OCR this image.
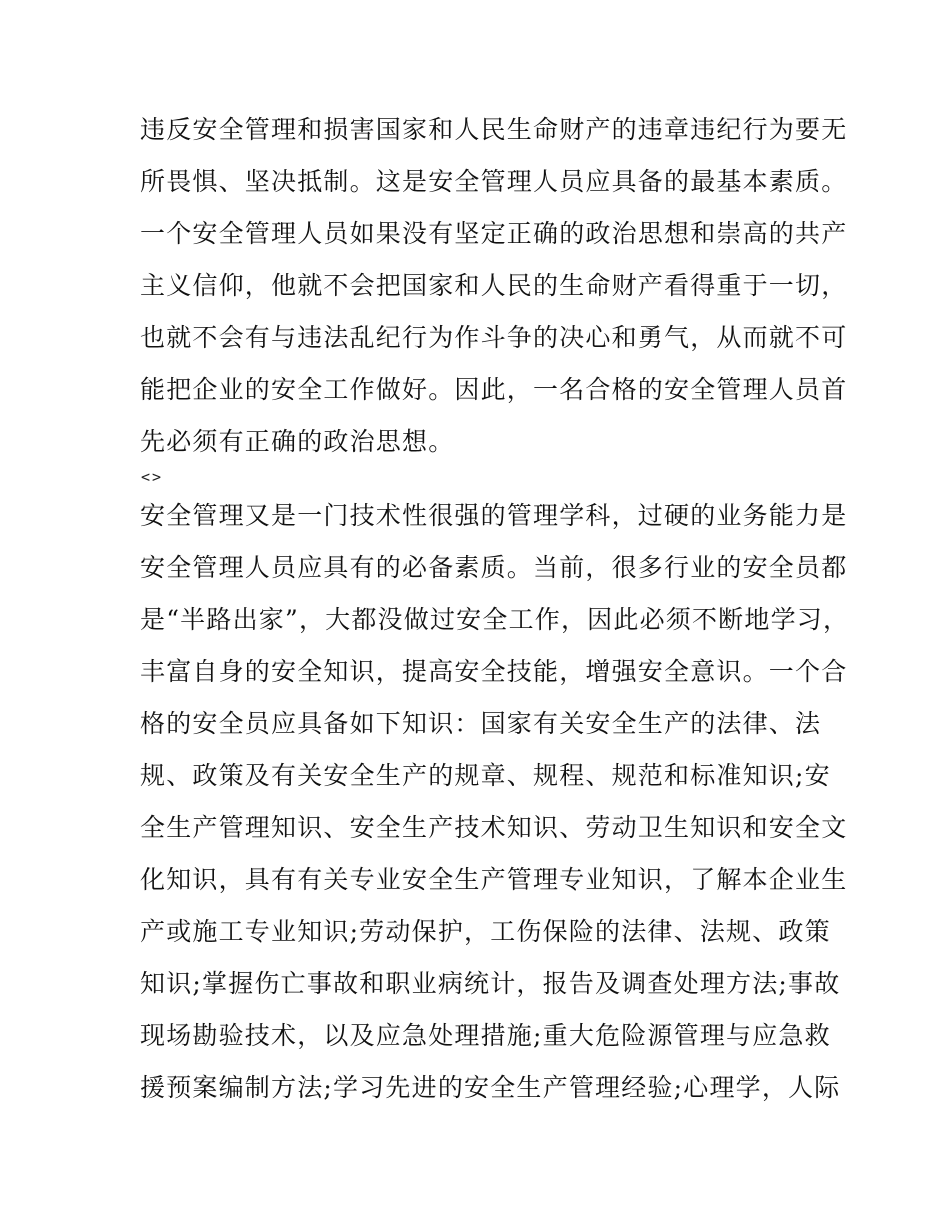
违反安全管理和损害国家和人民生命财产的违章违纪行为要无
所畏惧、坚决抵制。这是安全管理人员应具备的最基本素质。
一个安全管理人员如果没有坚定正确的政治思想和崇高的共产
主义信仰，他就不会把国家和人民的生命财产看得重于一切，
也就不会有与违法乱纪行为作斗争的决心和勇气，从而就不可
能把企业的安全工作做好。因此，一名合格的安全管理人员首
先必须有正确的政治思想。
<>
安全管理又是一门技术性很强的管理学科，过硬的业务能力是
安全管理人员应具有的必备素质。当前，很多行业的安全员都
是“半路出家”，大都没做过安全工作，因此必须不断地学习，
丰富自身的安全知识，提高安全技能，增强安全意识。一个合
格的安全员应具备如下知识：国家有关安全生产的法律、法
规、政策及有关安全生产的规章、规程、规范和标准知识;安
全生产管理知识、安全生产技术知识、劳动卫生知识和安全文
化知识，具有有关专业安全生产管理专业知识，了解本企业生
产或施工专业知识;劳动保护，工伤保险的法律、法规、政策
知识;掌握伤亡事故和职业病统计，报告及调查处理方法;事故
现场勘验技术，以及应急处理措施;重大危险源管理与应急救
援预案编制方法;学习先进的安全生产管理经验;心理学，人际
